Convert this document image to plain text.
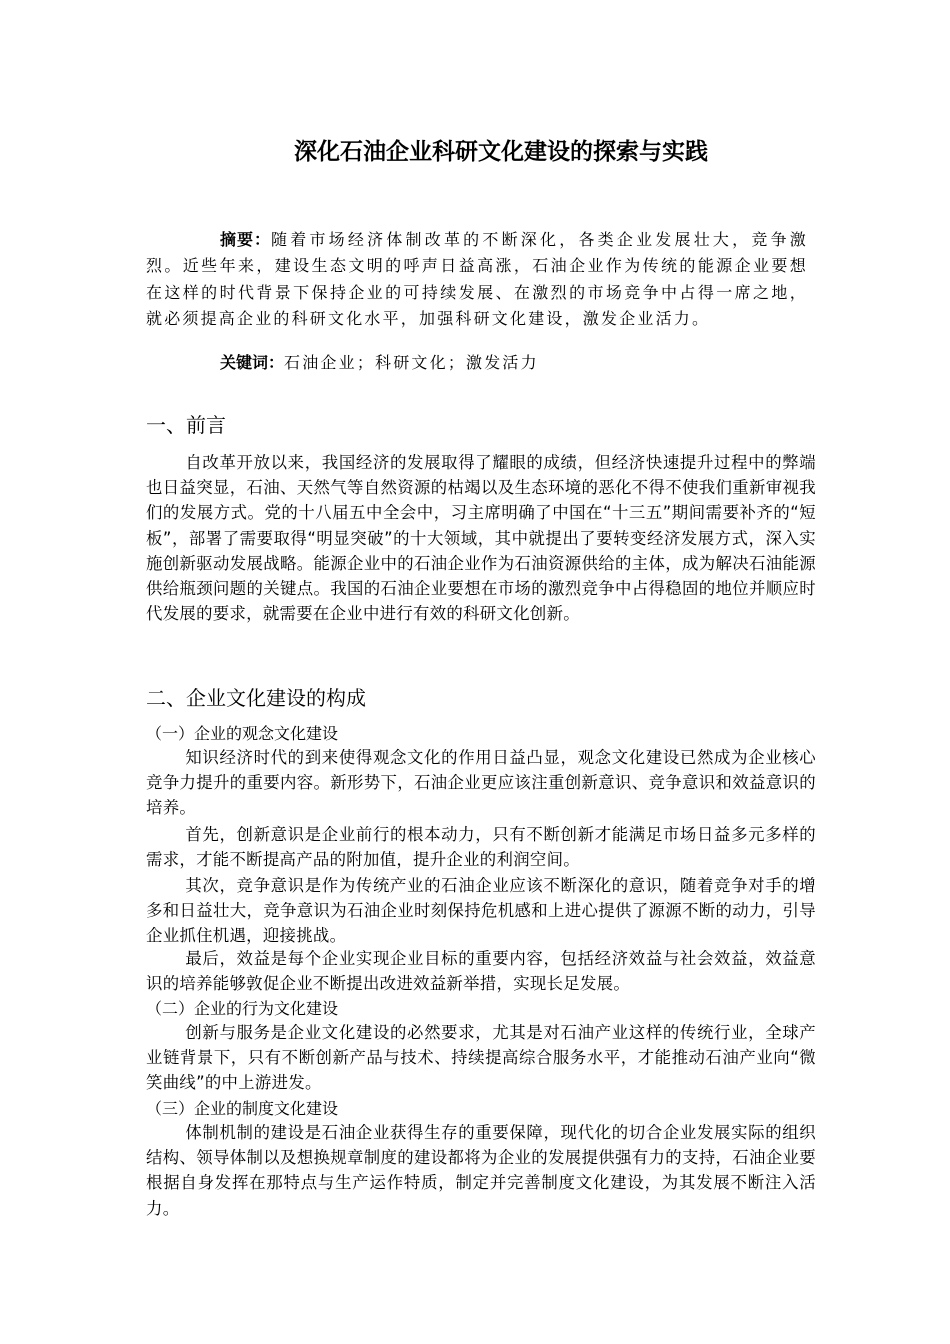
深化石油企业科研文化建设的探索与实践
摘要：随着市场经济体制改革的不断深化，各类企业发展壮大，竞争激烈。近些年来，建设生态文明的呼声日益高涨，石油企业作为传统的能源企业要想在这样的时代背景下保持企业的可持续发展、在激烈的市场竞争中占得一席之地，就必须提高企业的科研文化水平，加强科研文化建设，激发企业活力。
关键词：石油企业；科研文化；激发活力
一、前言
自改革开放以来，我国经济的发展取得了耀眼的成绩，但经济快速提升过程中的弊端也日益突显，石油、天然气等自然资源的枯竭以及生态环境的恶化不得不使我们重新审视我们的发展方式。党的十八届五中全会中，习主席明确了中国在“十三五”期间需要补齐的“短板”，部署了需要取得“明显突破”的十大领域，其中就提出了要转变经济发展方式，深入实施创新驱动发展战略。能源企业中的石油企业作为石油资源供给的主体，成为解决石油能源供给瓶颈问题的关键点。我国的石油企业要想在市场的激烈竞争中占得稳固的地位并顺应时代发展的要求，就需要在企业中进行有效的科研文化创新。
二、企业文化建设的构成
（一）企业的观念文化建设
知识经济时代的到来使得观念文化的作用日益凸显，观念文化建设已然成为企业核心竞争力提升的重要内容。新形势下，石油企业更应该注重创新意识、竞争意识和效益意识的培养。
首先，创新意识是企业前行的根本动力，只有不断创新才能满足市场日益多元多样的需求，才能不断提高产品的附加值，提升企业的利润空间。
其次，竞争意识是作为传统产业的石油企业应该不断深化的意识，随着竞争对手的增多和日益壮大，竞争意识为石油企业时刻保持危机感和上进心提供了源源不断的动力，引导企业抓住机遇，迎接挑战。
最后，效益是每个企业实现企业目标的重要内容，包括经济效益与社会效益，效益意识的培养能够敦促企业不断提出改进效益新举措，实现长足发展。
（二）企业的行为文化建设
创新与服务是企业文化建设的必然要求，尤其是对石油产业这样的传统行业，全球产业链背景下，只有不断创新产品与技术、持续提高综合服务水平，才能推动石油产业向“微笑曲线”的中上游进发。
（三）企业的制度文化建设
体制机制的建设是石油企业获得生存的重要保障，现代化的切合企业发展实际的组织结构、领导体制以及想换规章制度的建设都将为企业的发展提供强有力的支持，石油企业要根据自身发挥在那特点与生产运作特质，制定并完善制度文化建设，为其发展不断注入活力。
